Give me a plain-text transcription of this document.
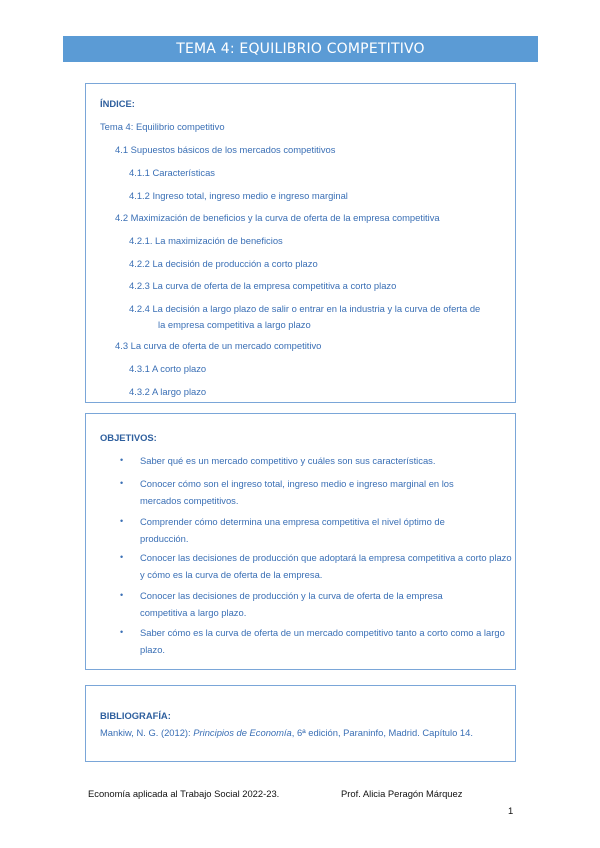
TEMA 4: EQUILIBRIO COMPETITIVO
ÍNDICE:
Tema 4: Equilibrio competitivo
4.1 Supuestos básicos de los mercados competitivos
4.1.1 Características
4.1.2 Ingreso total, ingreso medio e ingreso marginal
4.2 Maximización de beneficios y la curva de oferta de la empresa competitiva
4.2.1. La maximización de beneficios
4.2.2 La decisión de producción a corto plazo
4.2.3 La curva de oferta de la empresa competitiva a corto plazo
4.2.4 La decisión a largo plazo de salir o entrar en la industria y la curva de oferta de
la empresa competitiva a largo plazo
4.3 La curva de oferta de un mercado competitivo
4.3.1 A corto plazo
4.3.2 A largo plazo
OBJETIVOS:
• Saber qué es un mercado competitivo y cuáles son sus características.
• Conocer cómo son el ingreso total, ingreso medio e ingreso marginal en los mercados competitivos.
• Comprender cómo determina una empresa competitiva el nivel óptimo de producción.
• Conocer las decisiones de producción que adoptará la empresa competitiva a corto plazo y cómo es la curva de oferta de la empresa.
• Conocer las decisiones de producción y la curva de oferta de la empresa competitiva a largo plazo.
• Saber cómo es la curva de oferta de un mercado competitivo tanto a corto como a largo plazo.
BIBLIOGRAFÍA:
Mankiw, N. G. (2012): Principios de Economía, 6ª edición, Paraninfo, Madrid. Capítulo 14.
Economía aplicada al Trabajo Social 2022-23.	Prof. Alicia Peragón Márquez
1
